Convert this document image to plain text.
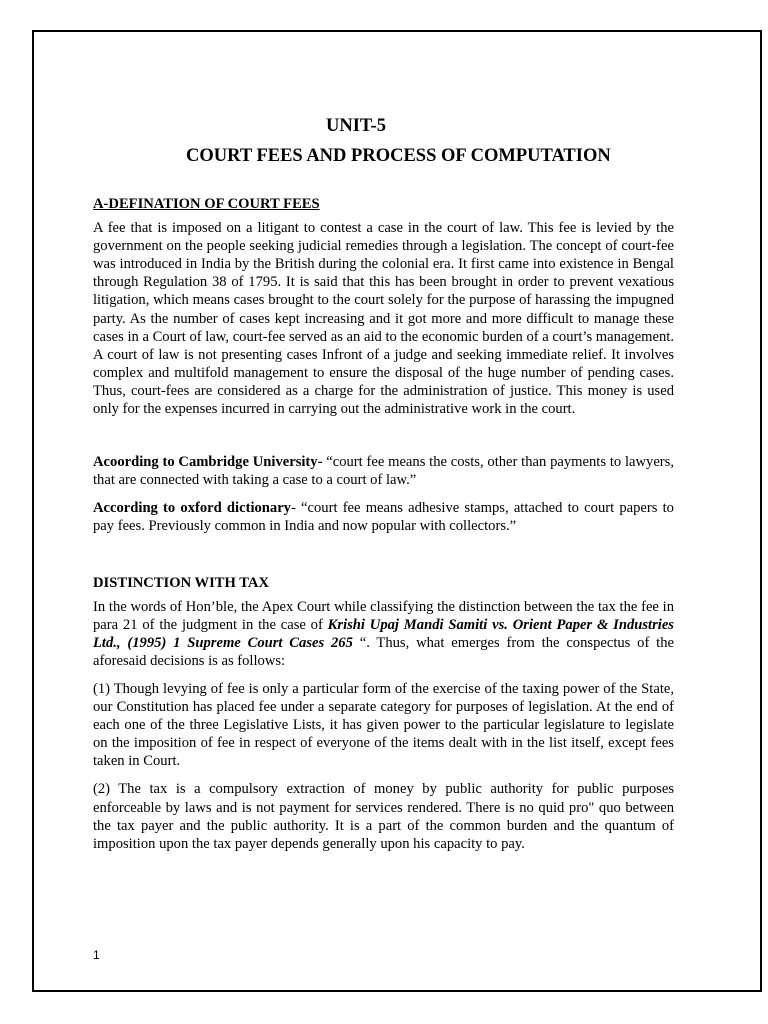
UNIT-5
COURT FEES AND PROCESS OF COMPUTATION
A-DEFINATION OF COURT FEES

A fee that is imposed on a litigant to contest a case in the court of law. This fee is levied by the government on the people seeking judicial remedies through a legislation. The concept of court-fee was introduced in India by the British during the colonial era. It first came into existence in Bengal through Regulation 38 of 1795. It is said that this has been brought in order to prevent vexatious litigation, which means cases brought to the court solely for the purpose of harassing the impugned party. As the number of cases kept increasing and it got more and more difficult to manage these cases in a Court of law, court-fee served as an aid to the economic burden of a court’s management. A court of law is not presenting cases Infront of a judge and seeking immediate relief. It involves complex and multifold management to ensure the disposal of the huge number of pending cases. Thus, court-fees are considered as a charge for the administration of justice. This money is used only for the expenses incurred in carrying out the administrative work in the court.

Acoording to Cambridge University- “court fee means the costs, other than payments to lawyers, that are connected with taking a case to a court of law.”

According to oxford dictionary- “court fee means adhesive stamps, attached to court papers to pay fees. Previously common in India and now popular with collectors.”

DISTINCTION WITH TAX

In the words of Hon’ble, the Apex Court while classifying the distinction between the tax the fee in para 21 of the judgment in the case of Krishi Upaj Mandi Samiti vs. Orient Paper & Industries Ltd., (1995) 1 Supreme Court Cases 265 “. Thus, what emerges from the conspectus of the aforesaid decisions is as follows:

(1) Though levying of fee is only a particular form of the exercise of the taxing power of the State, our Constitution has placed fee under a separate category for purposes of legislation. At the end of each one of the three Legislative Lists, it has given power to the particular legislature to legislate on the imposition of fee in respect of everyone of the items dealt with in the list itself, except fees taken in Court.

(2) The tax is a compulsory extraction of money by public authority for public purposes enforceable by laws and is not payment for services rendered. There is no quid pro" quo between the tax payer and the public authority. It is a part of the common burden and the quantum of imposition upon the tax payer depends generally upon his capacity to pay.

1
